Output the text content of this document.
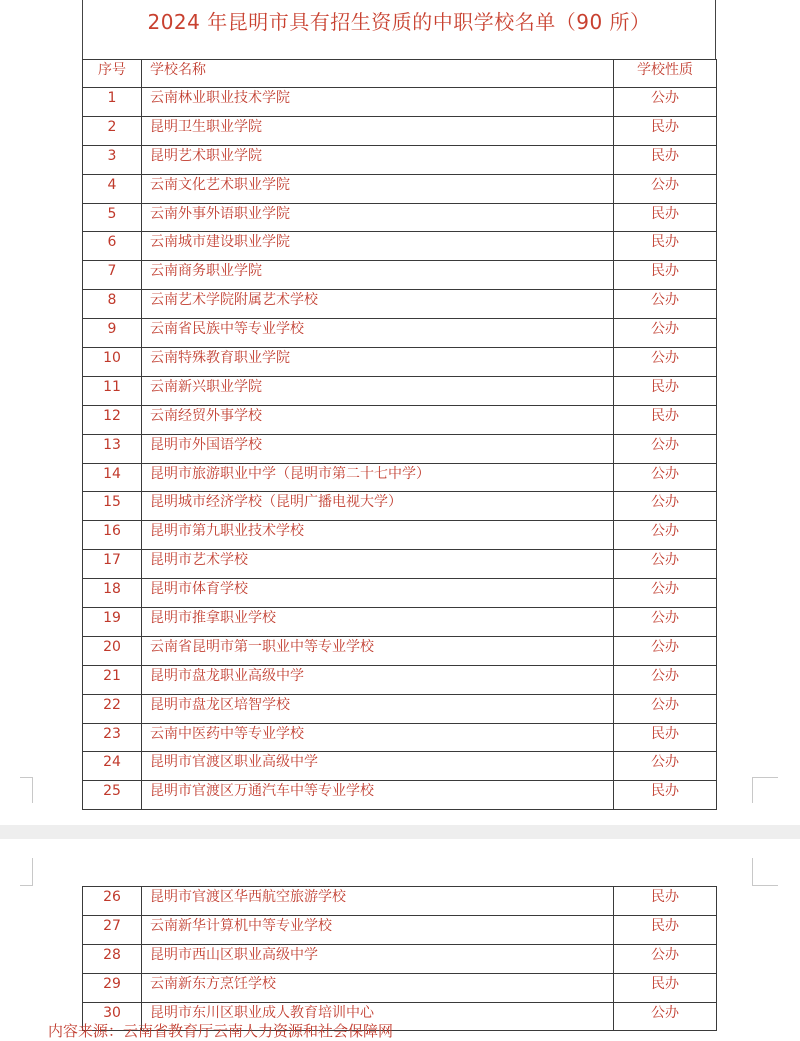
2024 年昆明市具有招生资质的中职学校名单（90 所）
序号	学校名称	学校性质
1	云南林业职业技术学院	公办
2	昆明卫生职业学院	民办
3	昆明艺术职业学院	民办
4	云南文化艺术职业学院	公办
5	云南外事外语职业学院	民办
6	云南城市建设职业学院	民办
7	云南商务职业学院	民办
8	云南艺术学院附属艺术学校	公办
9	云南省民族中等专业学校	公办
10	云南特殊教育职业学院	公办
11	云南新兴职业学院	民办
12	云南经贸外事学校	民办
13	昆明市外国语学校	公办
14	昆明市旅游职业中学（昆明市第二十七中学）	公办
15	昆明城市经济学校（昆明广播电视大学）	公办
16	昆明市第九职业技术学校	公办
17	昆明市艺术学校	公办
18	昆明市体育学校	公办
19	昆明市推拿职业学校	公办
20	云南省昆明市第一职业中等专业学校	公办
21	昆明市盘龙职业高级中学	公办
22	昆明市盘龙区培智学校	公办
23	云南中医药中等专业学校	民办
24	昆明市官渡区职业高级中学	公办
25	昆明市官渡区万通汽车中等专业学校	民办
26	昆明市官渡区华西航空旅游学校	民办
27	云南新华计算机中等专业学校	民办
28	昆明市西山区职业高级中学	公办
29	云南新东方烹饪学校	民办
30	昆明市东川区职业成人教育培训中心	公办
内容来源：云南省教育厅云南人力资源和社会保障网
